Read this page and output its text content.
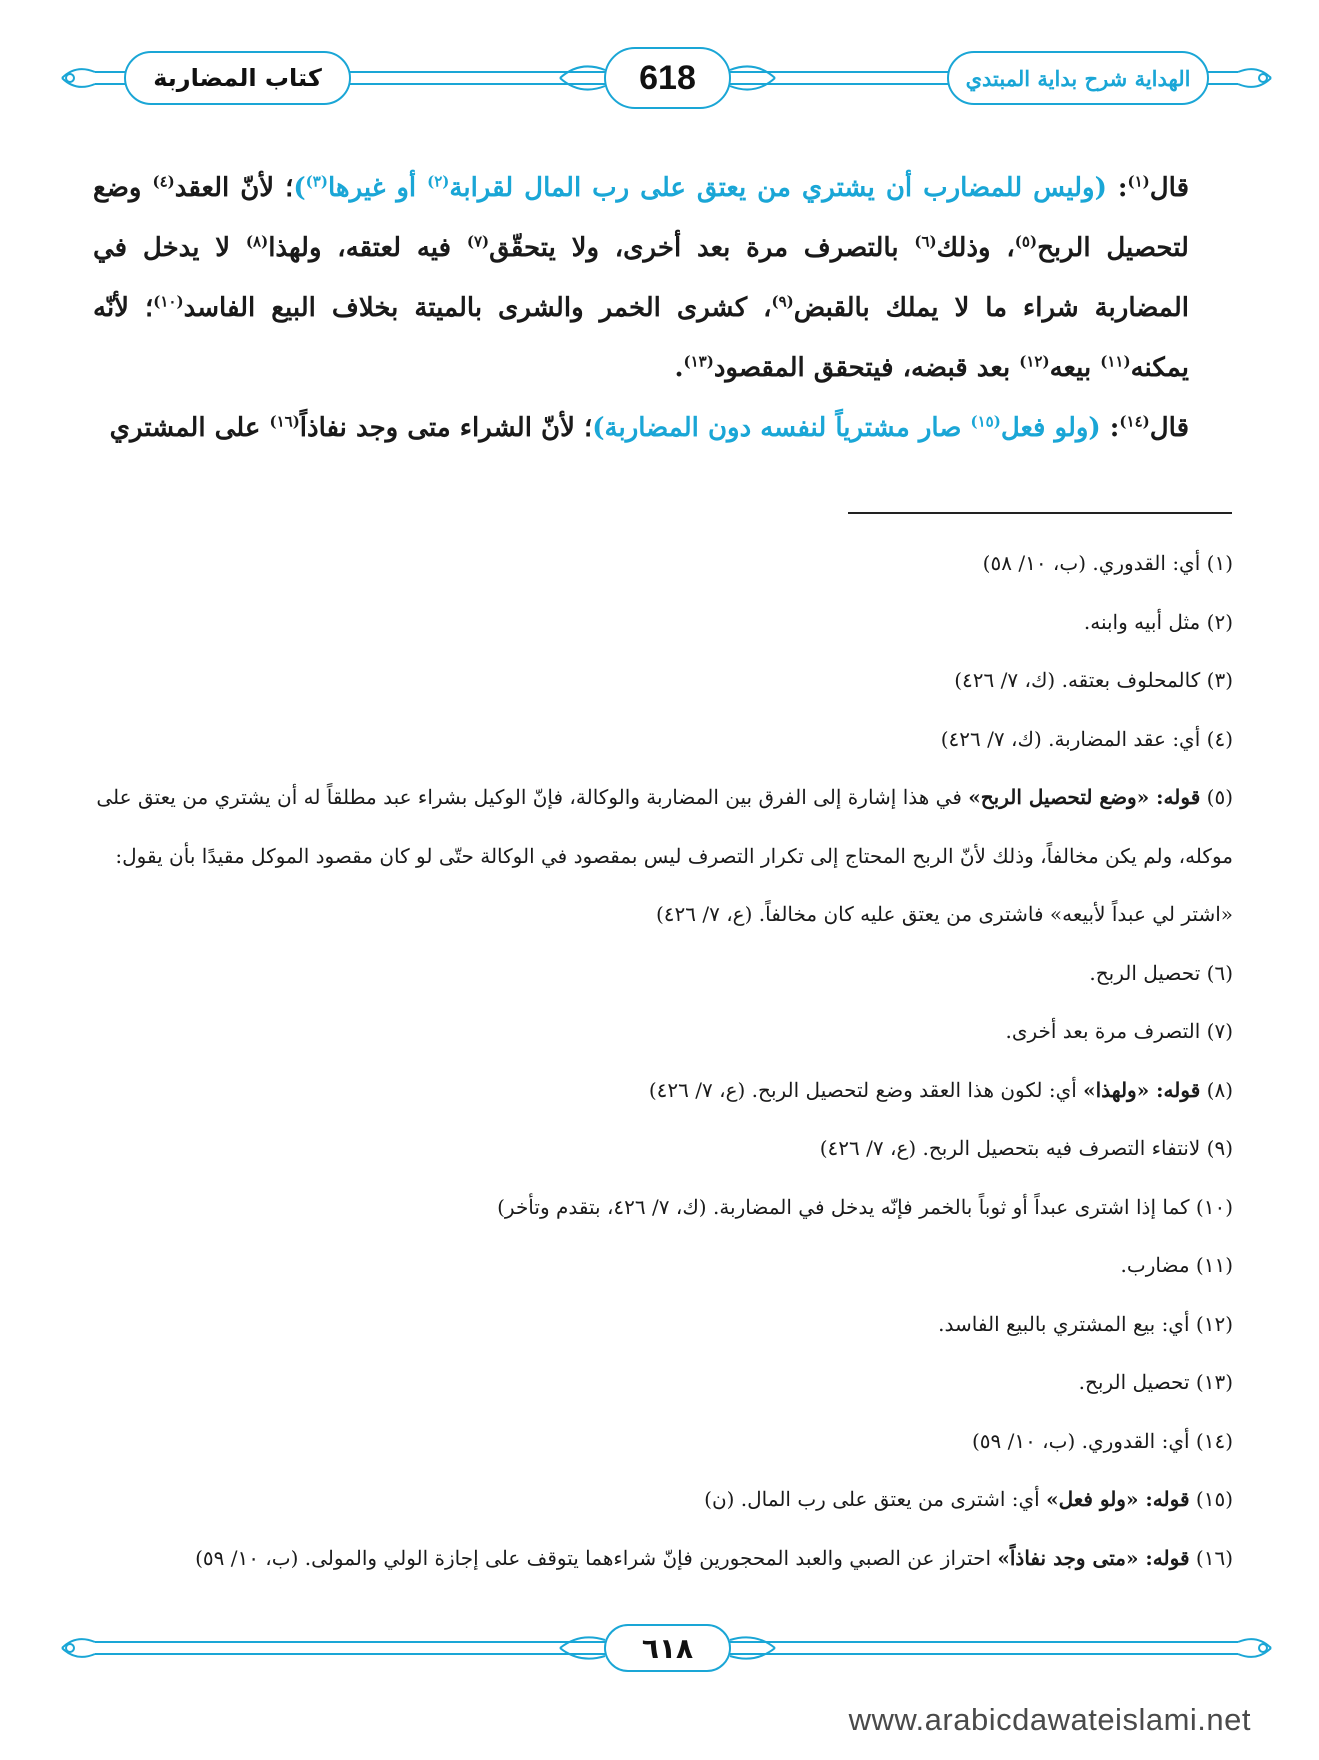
كتاب المضاربة	618	الهداية شرح بداية المبتدي

قال$^{(١)}$: (وليس للمضارب أن يشتري من يعتق على رب المال لقرابة$^{(٢)}$ أو غيرها$^{(٣)}$)؛ لأنّ العقد$^{(٤)}$ وضع لتحصيل الربح$^{(٥)}$، وذلك$^{(٦)}$ بالتصرف مرة بعد أخرى، ولا يتحقّق$^{(٧)}$ فيه لعتقه، ولهذا$^{(٨)}$ لا يدخل في المضاربة شراء ما لا يملك بالقبض$^{(٩)}$، كشرى الخمر والشرى بالميتة بخلاف البيع الفاسد$^{(١٠)}$؛ لأنّه يمكنه$^{(١١)}$ بيعه$^{(١٢)}$ بعد قبضه، فيتحقق المقصود$^{(١٣)}$.

قال$^{(١٤)}$: (ولو فعل$^{(١٥)}$ صار مشترياً لنفسه دون المضاربة)؛ لأنّ الشراء متى وجد نفاذاً$^{(١٦)}$ على المشتري

(١) أي: القدوري. (ب، ١٠/ ٥٨)

(٢) مثل أبيه وابنه.

(٣) كالمحلوف بعتقه. (ك، ٧/ ٤٢٦)

(٤) أي: عقد المضاربة. (ك، ٧/ ٤٢٦)

(٥) قوله: «وضع لتحصيل الربح» في هذا إشارة إلى الفرق بين المضاربة والوكالة، فإنّ الوكيل بشراء عبد مطلقاً له أن يشتري من يعتق على موكله، ولم يكن مخالفاً، وذلك لأنّ الربح المحتاج إلى تكرار التصرف ليس بمقصود في الوكالة حتّى لو كان مقصود الموكل مقيدًا بأن يقول: «اشتر لي عبداً لأبيعه» فاشترى من يعتق عليه كان مخالفاً. (ع، ٧/ ٤٢٦)

(٦) تحصيل الربح.

(٧) التصرف مرة بعد أخرى.

(٨) قوله: «ولهذا» أي: لكون هذا العقد وضع لتحصيل الربح. (ع، ٧/ ٤٢٦)

(٩) لانتفاء التصرف فيه بتحصيل الربح. (ع، ٧/ ٤٢٦)

(١٠) كما إذا اشترى عبداً أو ثوباً بالخمر فإنّه يدخل في المضاربة. (ك، ٧/ ٤٢٦، بتقدم وتأخر)

(١١) مضارب.

(١٢) أي: بيع المشتري بالبيع الفاسد.

(١٣) تحصيل الربح.

(١٤) أي: القدوري. (ب، ١٠/ ٥٩)

(١٥) قوله: «ولو فعل» أي: اشترى من يعتق على رب المال. (ن)

(١٦) قوله: «متى وجد نفاذاً» احتراز عن الصبي والعبد المحجورين فإنّ شراءهما يتوقف على إجازة الولي والمولى. (ب، ١٠/ ٥٩)

٦١٨
www.arabicdawateislami.net
